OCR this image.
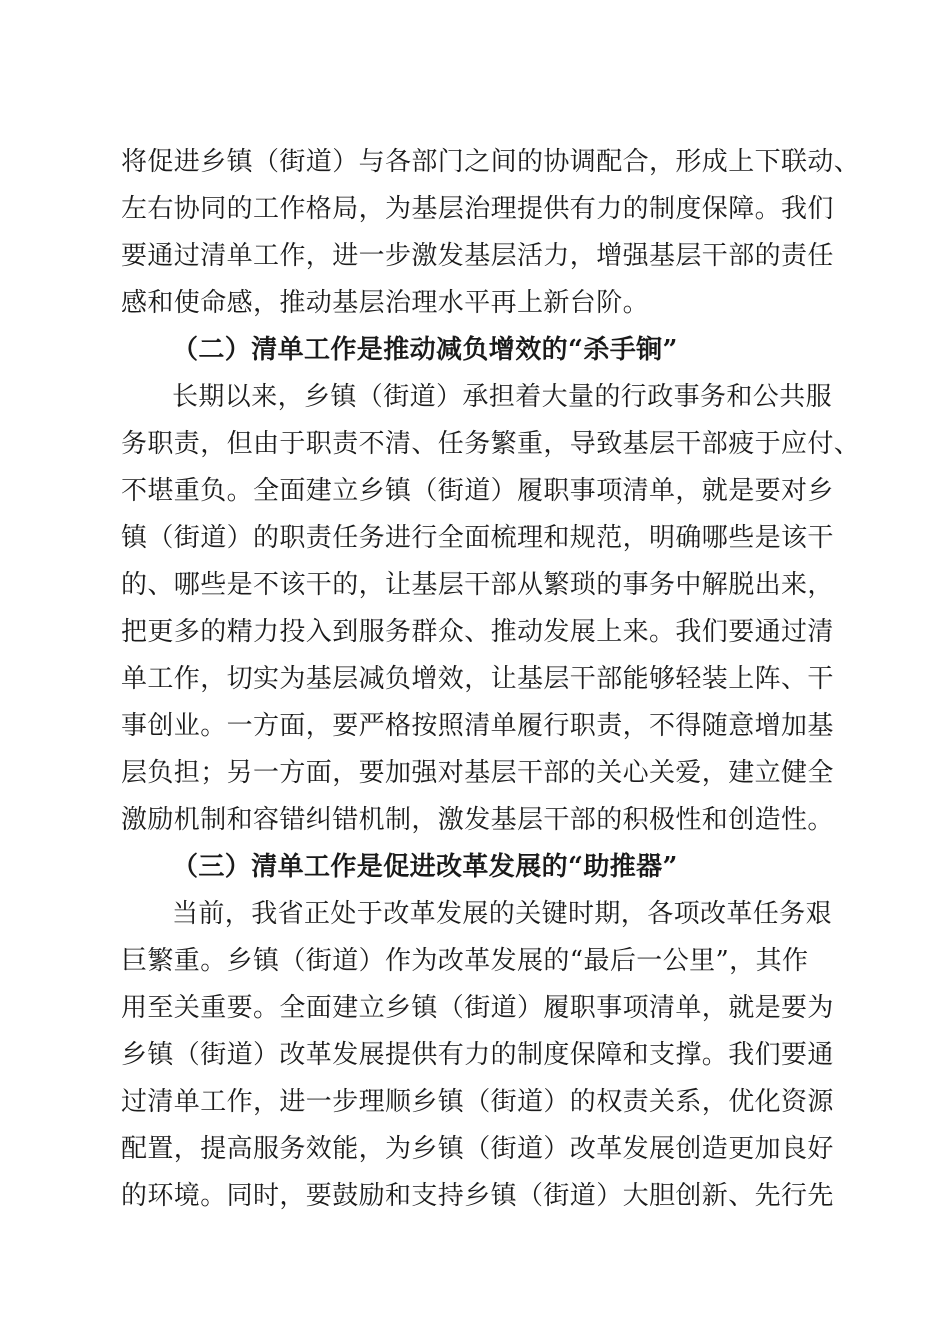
将促进乡镇（街道）与各部门之间的协调配合，形成上下联动、
左右协同的工作格局，为基层治理提供有力的制度保障。我们
要通过清单工作，进一步激发基层活力，增强基层干部的责任
感和使命感，推动基层治理水平再上新台阶。
（二）清单工作是推动减负增效的“杀手锏”
长期以来，乡镇（街道）承担着大量的行政事务和公共服
务职责，但由于职责不清、任务繁重，导致基层干部疲于应付、
不堪重负。全面建立乡镇（街道）履职事项清单，就是要对乡
镇（街道）的职责任务进行全面梳理和规范，明确哪些是该干
的、哪些是不该干的，让基层干部从繁琐的事务中解脱出来，
把更多的精力投入到服务群众、推动发展上来。我们要通过清
单工作，切实为基层减负增效，让基层干部能够轻装上阵、干
事创业。一方面，要严格按照清单履行职责，不得随意增加基
层负担；另一方面，要加强对基层干部的关心关爱，建立健全
激励机制和容错纠错机制，激发基层干部的积极性和创造性。
（三）清单工作是促进改革发展的“助推器”
当前，我省正处于改革发展的关键时期，各项改革任务艰
巨繁重。乡镇（街道）作为改革发展的“最后一公里”，其作
用至关重要。全面建立乡镇（街道）履职事项清单，就是要为
乡镇（街道）改革发展提供有力的制度保障和支撑。我们要通
过清单工作，进一步理顺乡镇（街道）的权责关系，优化资源
配置，提高服务效能，为乡镇（街道）改革发展创造更加良好
的环境。同时，要鼓励和支持乡镇（街道）大胆创新、先行先
